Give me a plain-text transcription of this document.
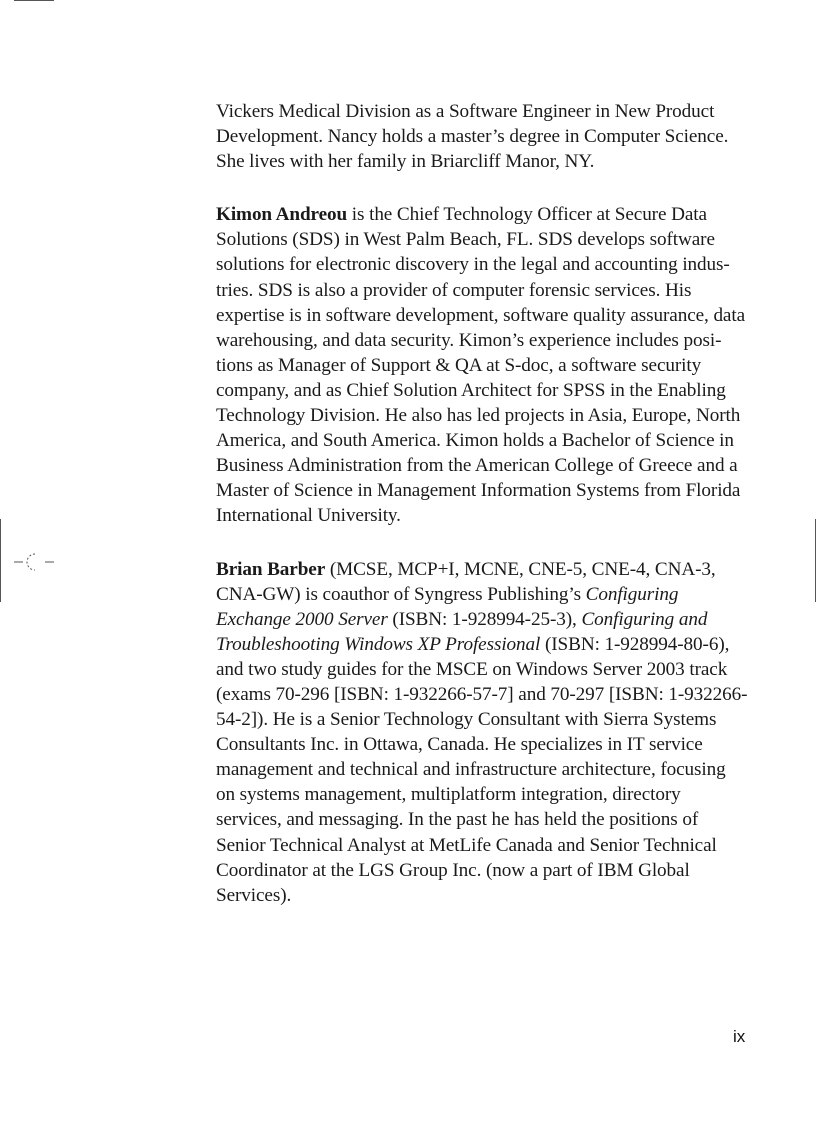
Vickers Medical Division as a Software Engineer in New Product Development. Nancy holds a master’s degree in Computer Science. She lives with her family in Briarcliff Manor, NY.

Kimon Andreou is the Chief Technology Officer at Secure Data Solutions (SDS) in West Palm Beach, FL. SDS develops software solutions for electronic discovery in the legal and accounting industries. SDS is also a provider of computer forensic services. His expertise is in software development, software quality assurance, data warehousing, and data security. Kimon’s experience includes positions as Manager of Support & QA at S-doc, a software security company, and as Chief Solution Architect for SPSS in the Enabling Technology Division. He also has led projects in Asia, Europe, North America, and South America. Kimon holds a Bachelor of Science in Business Administration from the American College of Greece and a Master of Science in Management Information Systems from Florida International University.

Brian Barber (MCSE, MCP+I, MCNE, CNE-5, CNE-4, CNA-3, CNA-GW) is coauthor of Syngress Publishing’s Configuring Exchange 2000 Server (ISBN: 1-928994-25-3), Configuring and Troubleshooting Windows XP Professional (ISBN: 1-928994-80-6), and two study guides for the MSCE on Windows Server 2003 track (exams 70-296 [ISBN: 1-932266-57-7] and 70-297 [ISBN: 1-932266-54-2]). He is a Senior Technology Consultant with Sierra Systems Consultants Inc. in Ottawa, Canada. He specializes in IT service management and technical and infrastructure architecture, focusing on systems management, multiplatform integration, directory services, and messaging. In the past he has held the positions of Senior Technical Analyst at MetLife Canada and Senior Technical Coordinator at the LGS Group Inc. (now a part of IBM Global Services).

ix
